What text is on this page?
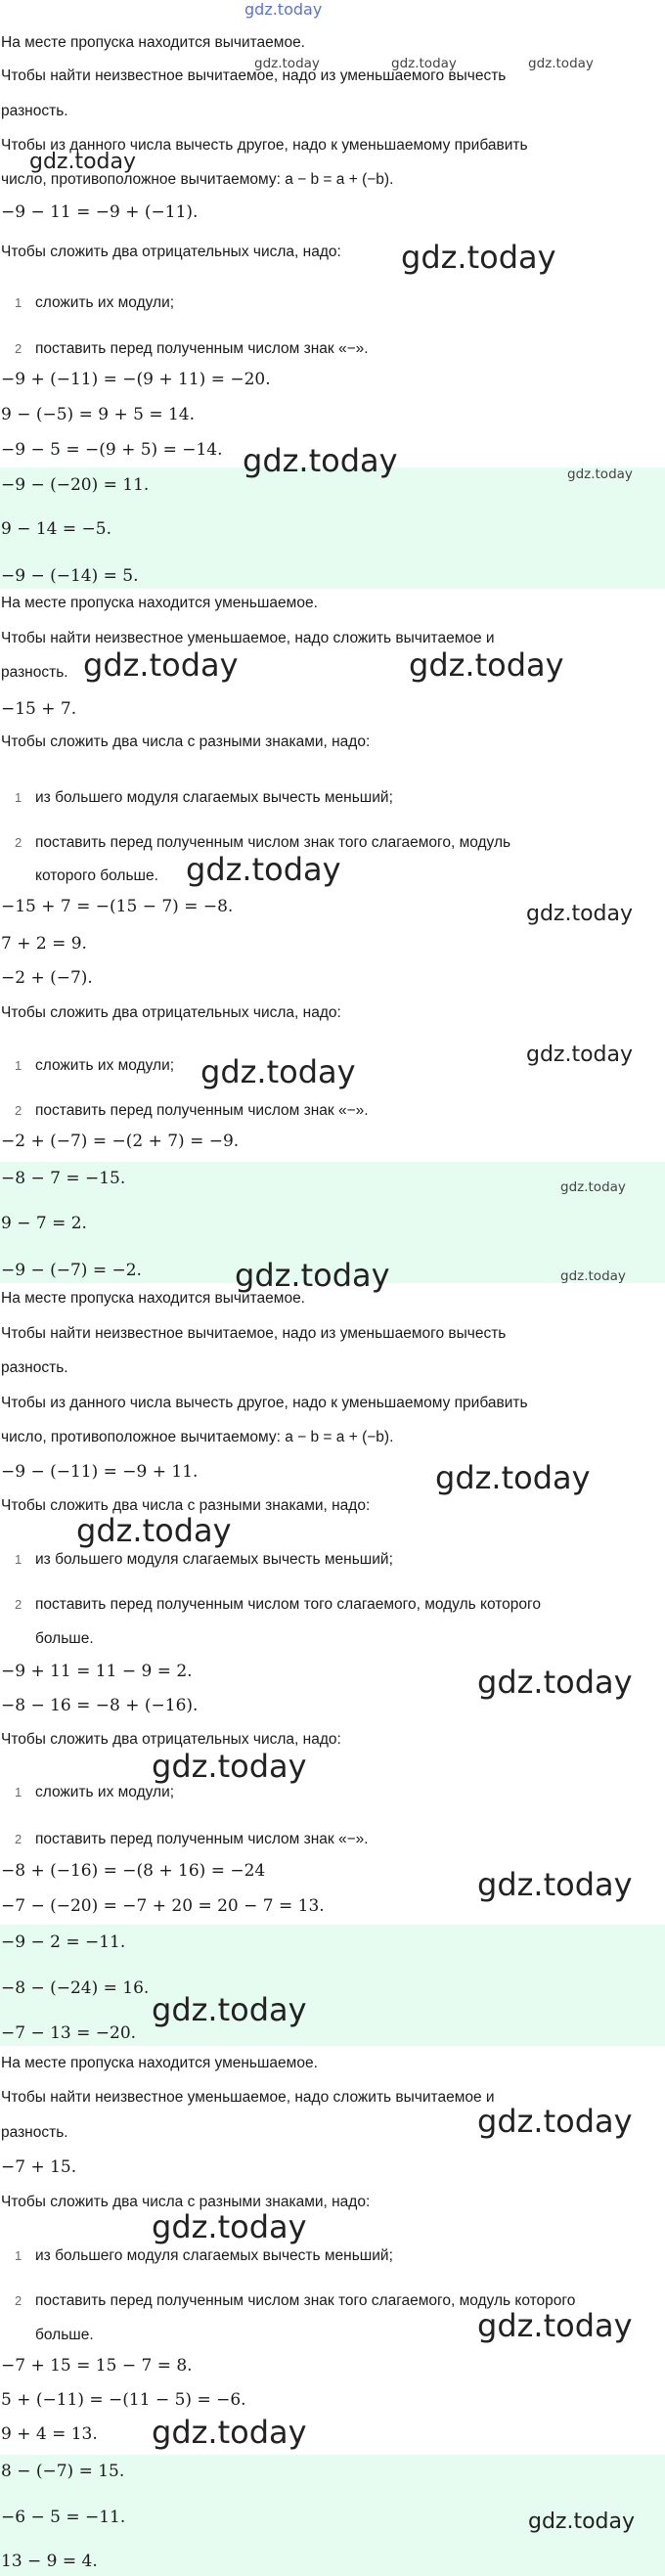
gdz.today
На месте пропуска находится вычитаемое.
Чтобы найти неизвестное вычитаемое, надо из уменьшаемого вычесть
разность.
Чтобы из данного числа вычесть другое, надо к уменьшаемому прибавить
число, противоположное вычитаемому: a − b = a + (−b).
−9 − 11 = −9 + (−11).
Чтобы сложить два отрицательных числа, надо:
1 сложить их модули;
2 поставить перед полученным числом знак «−».
−9 + (−11) = −(9 + 11) = −20.
9 − (−5) = 9 + 5 = 14.
−9 − 5 = −(9 + 5) = −14.
−9 − (−20) = 11.
9 − 14 = −5.
−9 − (−14) = 5.
На месте пропуска находится уменьшаемое.
Чтобы найти неизвестное уменьшаемое, надо сложить вычитаемое и
разность.
−15 + 7.
Чтобы сложить два числа с разными знаками, надо:
1 из большего модуля слагаемых вычесть меньший;
2 поставить перед полученным числом знак того слагаемого, модуль
которого больше.
−15 + 7 = −(15 − 7) = −8.
7 + 2 = 9.
−2 + (−7).
Чтобы сложить два отрицательных числа, надо:
1 сложить их модули;
2 поставить перед полученным числом знак «−».
−2 + (−7) = −(2 + 7) = −9.
−8 − 7 = −15.
9 − 7 = 2.
−9 − (−7) = −2.
На месте пропуска находится вычитаемое.
Чтобы найти неизвестное вычитаемое, надо из уменьшаемого вычесть
разность.
Чтобы из данного числа вычесть другое, надо к уменьшаемому прибавить
число, противоположное вычитаемому: a − b = a + (−b).
−9 − (−11) = −9 + 11.
Чтобы сложить два числа с разными знаками, надо:
1 из большего модуля слагаемых вычесть меньший;
2 поставить перед полученным числом того слагаемого, модуль которого
больше.
−9 + 11 = 11 − 9 = 2.
−8 − 16 = −8 + (−16).
Чтобы сложить два отрицательных числа, надо:
1 сложить их модули;
2 поставить перед полученным числом знак «−».
−8 + (−16) = −(8 + 16) = −24
−7 − (−20) = −7 + 20 = 20 − 7 = 13.
−9 − 2 = −11.
−8 − (−24) = 16.
−7 − 13 = −20.
На месте пропуска находится уменьшаемое.
Чтобы найти неизвестное уменьшаемое, надо сложить вычитаемое и
разность.
−7 + 15.
Чтобы сложить два числа с разными знаками, надо:
1 из большего модуля слагаемых вычесть меньший;
2 поставить перед полученным числом знак того слагаемого, модуль которого
больше.
−7 + 15 = 15 − 7 = 8.
5 + (−11) = −(11 − 5) = −6.
9 + 4 = 13.
8 − (−7) = 15.
−6 − 5 = −11.
13 − 9 = 4.
gdz.today	gdz.today	gdz.today
gdz.today
gdz.today
gdz.today	gdz.today
gdz.today	gdz.today
gdz.today
gdz.today
gdz.today
gdz.today
gdz.today
gdz.today	gdz.today
gdz.today
gdz.today
gdz.today
gdz.today
gdz.today
gdz.today
gdz.today
gdz.today
gdz.today
gdz.today
gdz.today
